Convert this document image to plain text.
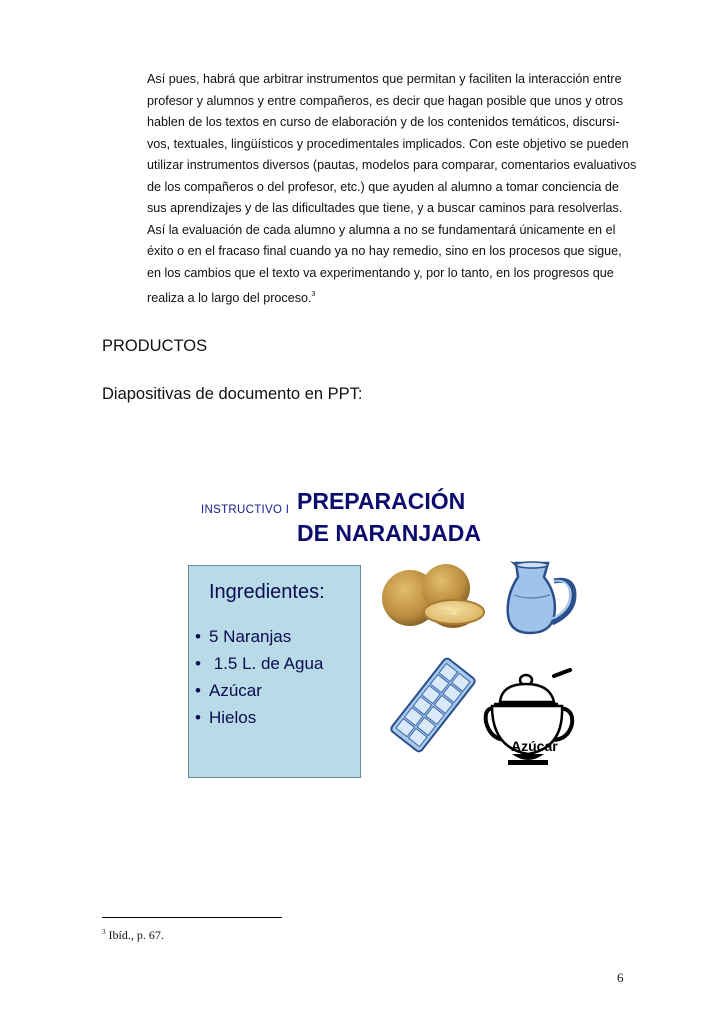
Así pues, habrá que arbitrar instrumentos que permitan y faciliten la interacción entre
profesor y alumnos y entre compañeros, es decir que hagan posible que unos y otros
hablen de los textos en curso de elaboración y de los contenidos temáticos, discursi-
vos, textuales, lingüísticos y procedimentales implicados. Con este objetivo se pueden
utilizar instrumentos diversos (pautas, modelos para comparar, comentarios evaluativos
de los compañeros o del profesor, etc.) que ayuden al alumno a tomar conciencia de
sus aprendizajes y de las dificultades que tiene, y a buscar caminos para resolverlas.
Así la evaluación de cada alumno y alumna a no se fundamentará únicamente en el
éxito o en el fracaso final cuando ya no hay remedio, sino en los procesos que sigue,
en los cambios que el texto va experimentando y, por lo tanto, en los progresos que
realiza a lo largo del proceso.$^3$
PRODUCTOS
Diapositivas de documento en PPT:
INSTRUCTIVO I PREPARACIÓN
DE NARANJADA
Ingredientes:
• 5 Naranjas
• 1.5 L. de Agua
• Azúcar
• Hielos
Azúcar
$^3$ Ibíd., p. 67.
6
